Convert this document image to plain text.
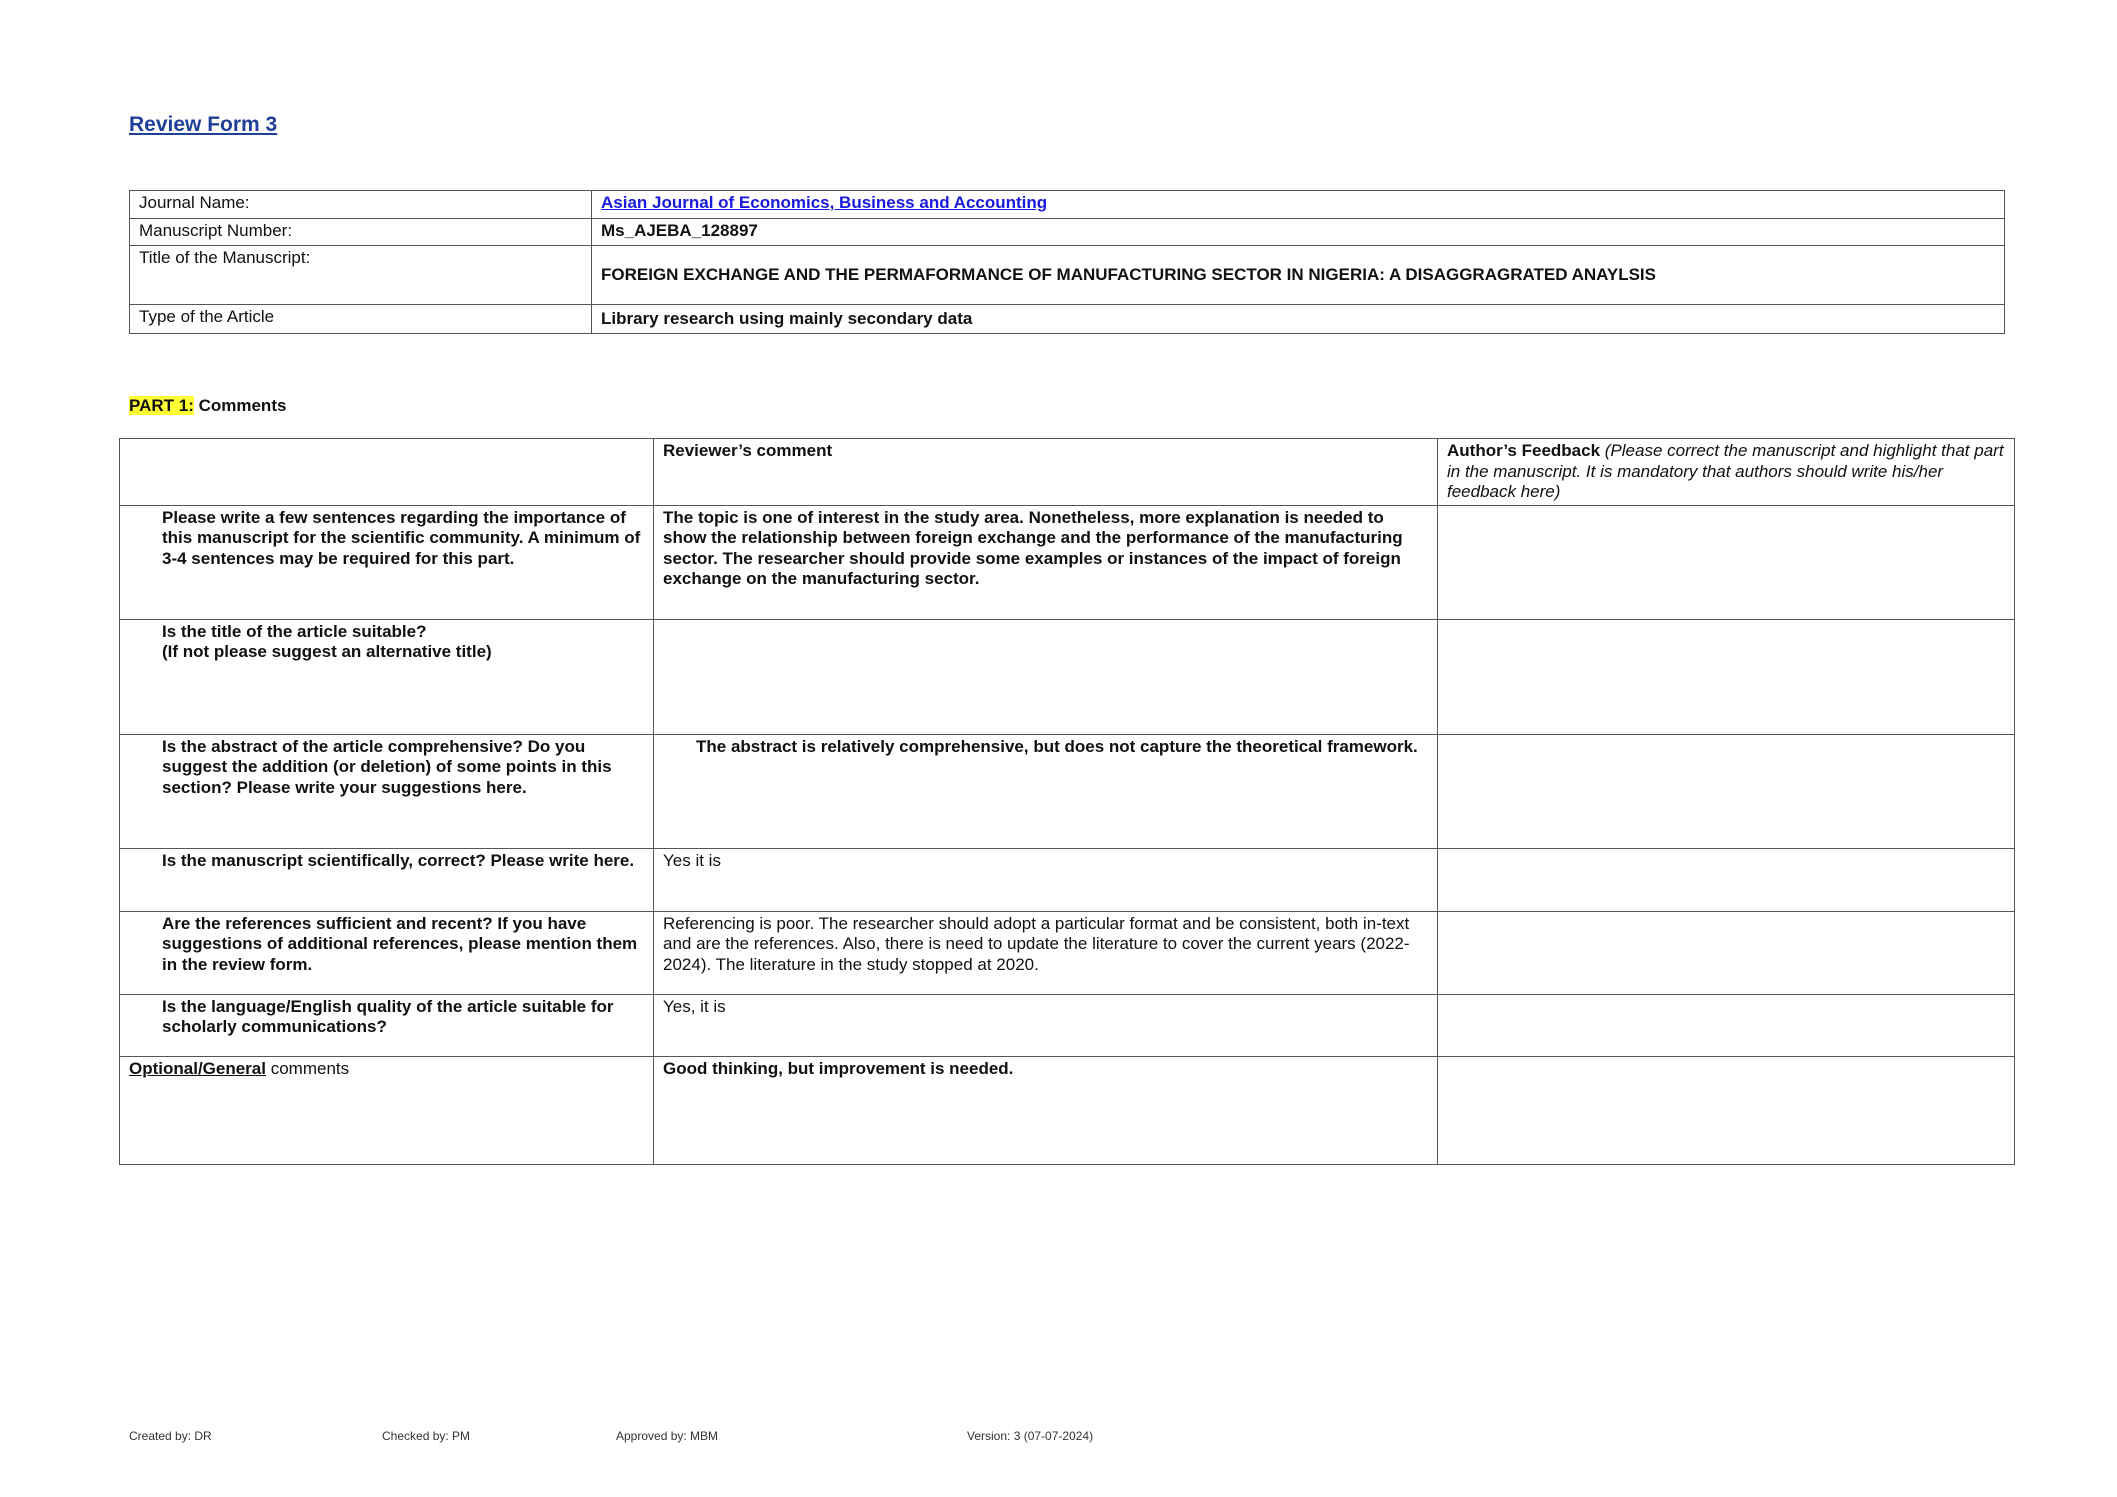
Review Form 3
Journal Name:	Asian Journal of Economics, Business and Accounting
Manuscript Number:	Ms_AJEBA_128897
Title of the Manuscript:	FOREIGN EXCHANGE AND THE PERMAFORMANCE OF MANUFACTURING SECTOR IN NIGERIA: A DISAGGRAGRATED ANAYLSIS
Type of the Article	Library research using mainly secondary data
PART 1: Comments
	Reviewer’s comment	Author’s Feedback (Please correct the manuscript and highlight that part in the manuscript. It is mandatory that authors should write his/her feedback here)
Please write a few sentences regarding the importance of this manuscript for the scientific community. A minimum of 3-4 sentences may be required for this part.	The topic is one of interest in the study area. Nonetheless, more explanation is needed to show the relationship between foreign exchange and the performance of the manufacturing sector. The researcher should provide some examples or instances of the impact of foreign exchange on the manufacturing sector.	

Is the title of the article suitable?
(If not please suggest an alternative title)		

Is the abstract of the article comprehensive? Do you suggest the addition (or deletion) of some points in this section? Please write your suggestions here.	The abstract is relatively comprehensive, but does not capture the theoretical framework.	
Is the manuscript scientifically, correct? Please write here.	Yes it is	
Are the references sufficient and recent? If you have suggestions of additional references, please mention them in the review form.	Referencing is poor. The researcher should adopt a particular format and be consistent, both in-text and are the references. Also, there is need to update the literature to cover the current years (2022-2024). The literature in the study stopped at 2020.	
Is the language/English quality of the article suitable for scholarly communications?	Yes, it is	
Optional/General comments	Good thinking, but improvement is needed.	
Created by: DR	Checked by: PM	Approved by: MBM	Version: 3 (07-07-2024)
